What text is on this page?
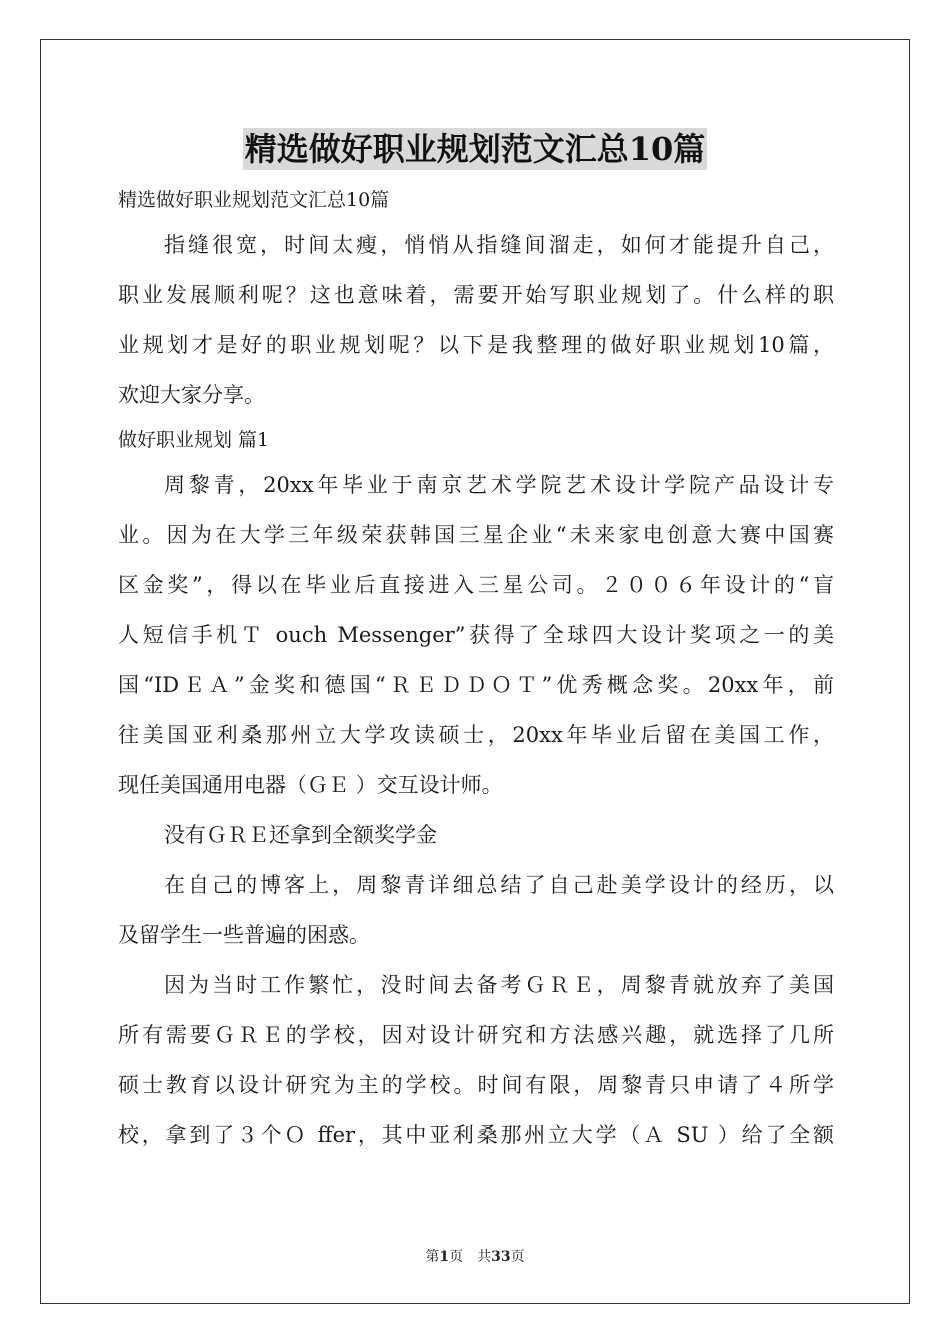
精选做好职业规划范文汇总10篇
精选做好职业规划范文汇总10篇
指缝很宽，时间太瘦，悄悄从指缝间溜走，如何才能提升自己，
职业发展顺利呢？这也意味着，需要开始写职业规划了。什么样的职
业规划才是好的职业规划呢？以下是我整理的做好职业规划10篇，
欢迎大家分享。
做好职业规划 篇1
周黎青，20xx年毕业于南京艺术学院艺术设计学院产品设计专
业。因为在大学三年级荣获韩国三星企业“未来家电创意大赛中国赛
区金奖”，得以在毕业后直接进入三星公司。２００６年设计的“盲
人短信手机Ｔ ouch Messenger”获得了全球四大设计奖项之一的美
国“IDＥＡ”金奖和德国“ＲＥＤＤＯＴ”优秀概念奖。20xx年，前
往美国亚利桑那州立大学攻读硕士，20xx年毕业后留在美国工作，
现任美国通用电器（ＧＥ ）交互设计师。
没有ＧＲＥ还拿到全额奖学金
在自己的博客上，周黎青详细总结了自己赴美学设计的经历，以
及留学生一些普遍的困惑。
因为当时工作繁忙，没时间去备考ＧＲＥ，周黎青就放弃了美国
所有需要ＧＲＥ的学校，因对设计研究和方法感兴趣，就选择了几所
硕士教育以设计研究为主的学校。时间有限，周黎青只申请了４所学
校，拿到了３个Ｏ ffer，其中亚利桑那州立大学（Ａ SU ）给了全额
第1页　共33页
